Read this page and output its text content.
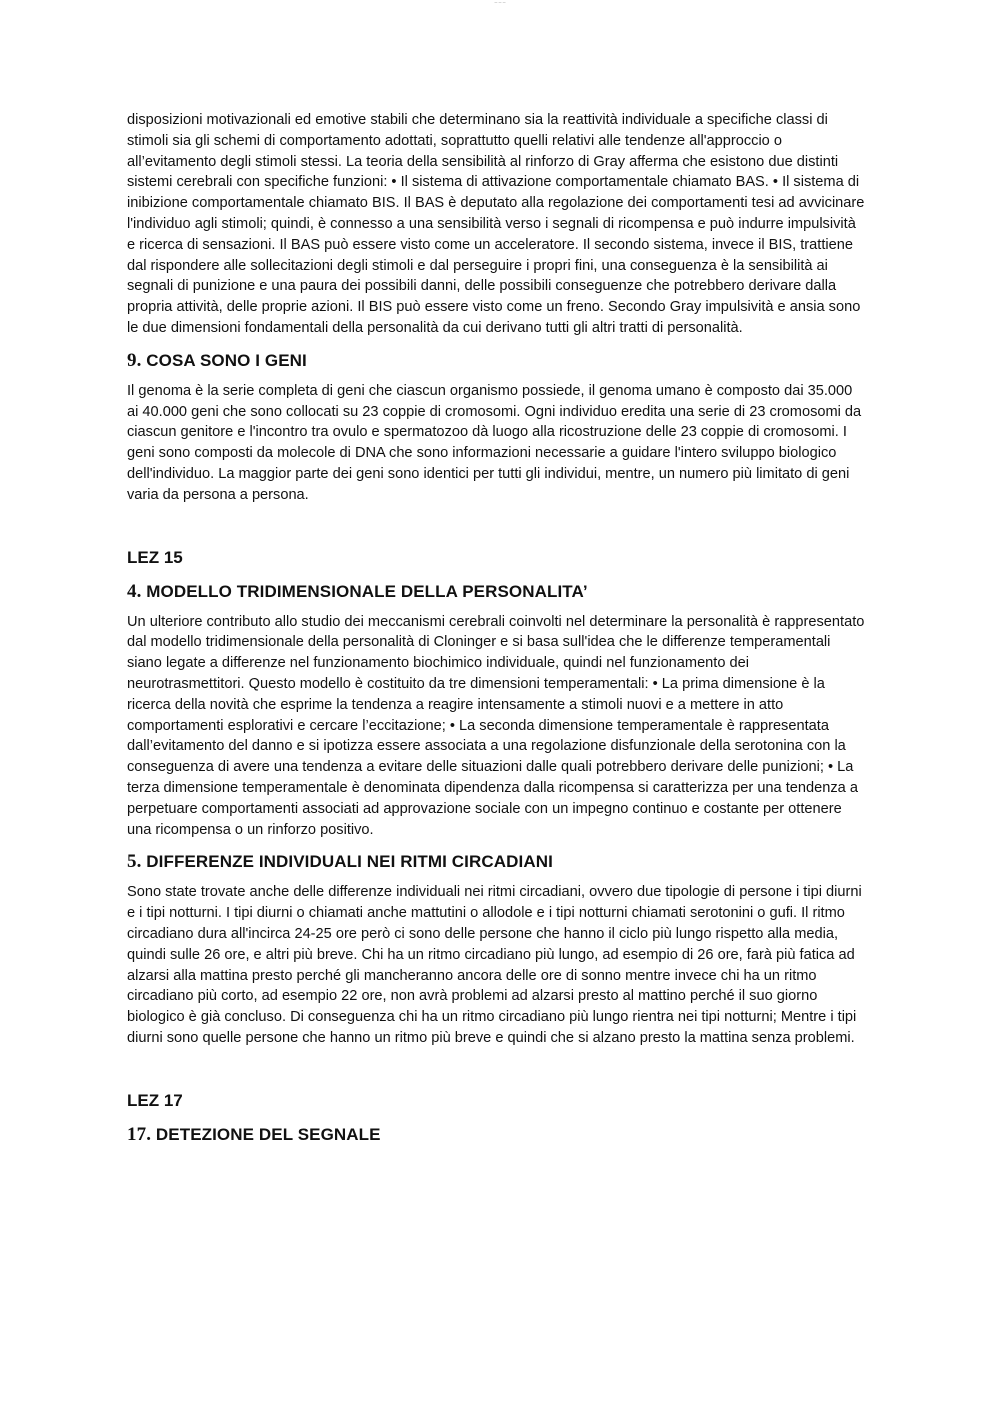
– – –

disposizioni motivazionali ed emotive stabili che determinano sia la reattività individuale a specifiche classi di stimoli sia gli schemi di comportamento adottati, soprattutto quelli relativi alle tendenze all'approccio o all’evitamento degli stimoli stessi. La teoria della sensibilità al rinforzo di Gray afferma che esistono due distinti sistemi cerebrali con specifiche funzioni: • Il sistema di attivazione comportamentale chiamato BAS. • Il sistema di inibizione comportamentale chiamato BIS. Il BAS è deputato alla regolazione dei comportamenti tesi ad avvicinare l'individuo agli stimoli; quindi, è connesso a una sensibilità verso i segnali di ricompensa e può indurre impulsività e ricerca di sensazioni. Il BAS può essere visto come un acceleratore. Il secondo sistema, invece il BIS, trattiene dal rispondere alle sollecitazioni degli stimoli e dal perseguire i propri fini, una conseguenza è la sensibilità ai segnali di punizione e una paura dei possibili danni, delle possibili conseguenze che potrebbero derivare dalla propria attività, delle proprie azioni. Il BIS può essere visto come un freno. Secondo Gray impulsività e ansia sono le due dimensioni fondamentali della personalità da cui derivano tutti gli altri tratti di personalità.

9. COSA SONO I GENI

Il genoma è la serie completa di geni che ciascun organismo possiede, il genoma umano è composto dai 35.000 ai 40.000 geni che sono collocati su 23 coppie di cromosomi. Ogni individuo eredita una serie di 23 cromosomi da ciascun genitore e l'incontro tra ovulo e spermatozoo dà luogo alla ricostruzione delle 23 coppie di cromosomi. I geni sono composti da molecole di DNA che sono informazioni necessarie a guidare l'intero sviluppo biologico dell'individuo. La maggior parte dei geni sono identici per tutti gli individui, mentre, un numero più limitato di geni varia da persona a persona.

LEZ 15
4. MODELLO TRIDIMENSIONALE DELLA PERSONALITA’

Un ulteriore contributo allo studio dei meccanismi cerebrali coinvolti nel determinare la personalità è rappresentato dal modello tridimensionale della personalità di Cloninger e si basa sull'idea che le differenze temperamentali siano legate a differenze nel funzionamento biochimico individuale, quindi nel funzionamento dei neurotrasmettitori. Questo modello è costituito da tre dimensioni temperamentali: • La prima dimensione è la ricerca della novità che esprime la tendenza a reagire intensamente a stimoli nuovi e a mettere in atto comportamenti esplorativi e cercare l’eccitazione; • La seconda dimensione temperamentale è rappresentata dall’evitamento del danno e si ipotizza essere associata a una regolazione disfunzionale della serotonina con la conseguenza di avere una tendenza a evitare delle situazioni dalle quali potrebbero derivare delle punizioni; • La terza dimensione temperamentale è denominata dipendenza dalla ricompensa si caratterizza per una tendenza a perpetuare comportamenti associati ad approvazione sociale con un impegno continuo e costante per ottenere una ricompensa o un rinforzo positivo.

5. DIFFERENZE INDIVIDUALI NEI RITMI CIRCADIANI

Sono state trovate anche delle differenze individuali nei ritmi circadiani, ovvero due tipologie di persone i tipi diurni e i tipi notturni. I tipi diurni o chiamati anche mattutini o allodole e i tipi notturni chiamati serotonini o gufi. Il ritmo circadiano dura all'incirca 24-25 ore però ci sono delle persone che hanno il ciclo più lungo rispetto alla media, quindi sulle 26 ore, e altri più breve. Chi ha un ritmo circadiano più lungo, ad esempio di 26 ore, farà più fatica ad alzarsi alla mattina presto perché gli mancheranno ancora delle ore di sonno mentre invece chi ha un ritmo circadiano più corto, ad esempio 22 ore, non avrà problemi ad alzarsi presto al mattino perché il suo giorno biologico è già concluso. Di conseguenza chi ha un ritmo circadiano più lungo rientra nei tipi notturni; Mentre i tipi diurni sono quelle persone che hanno un ritmo più breve e quindi che si alzano presto la mattina senza problemi.

LEZ 17
17. DETEZIONE DEL SEGNALE
